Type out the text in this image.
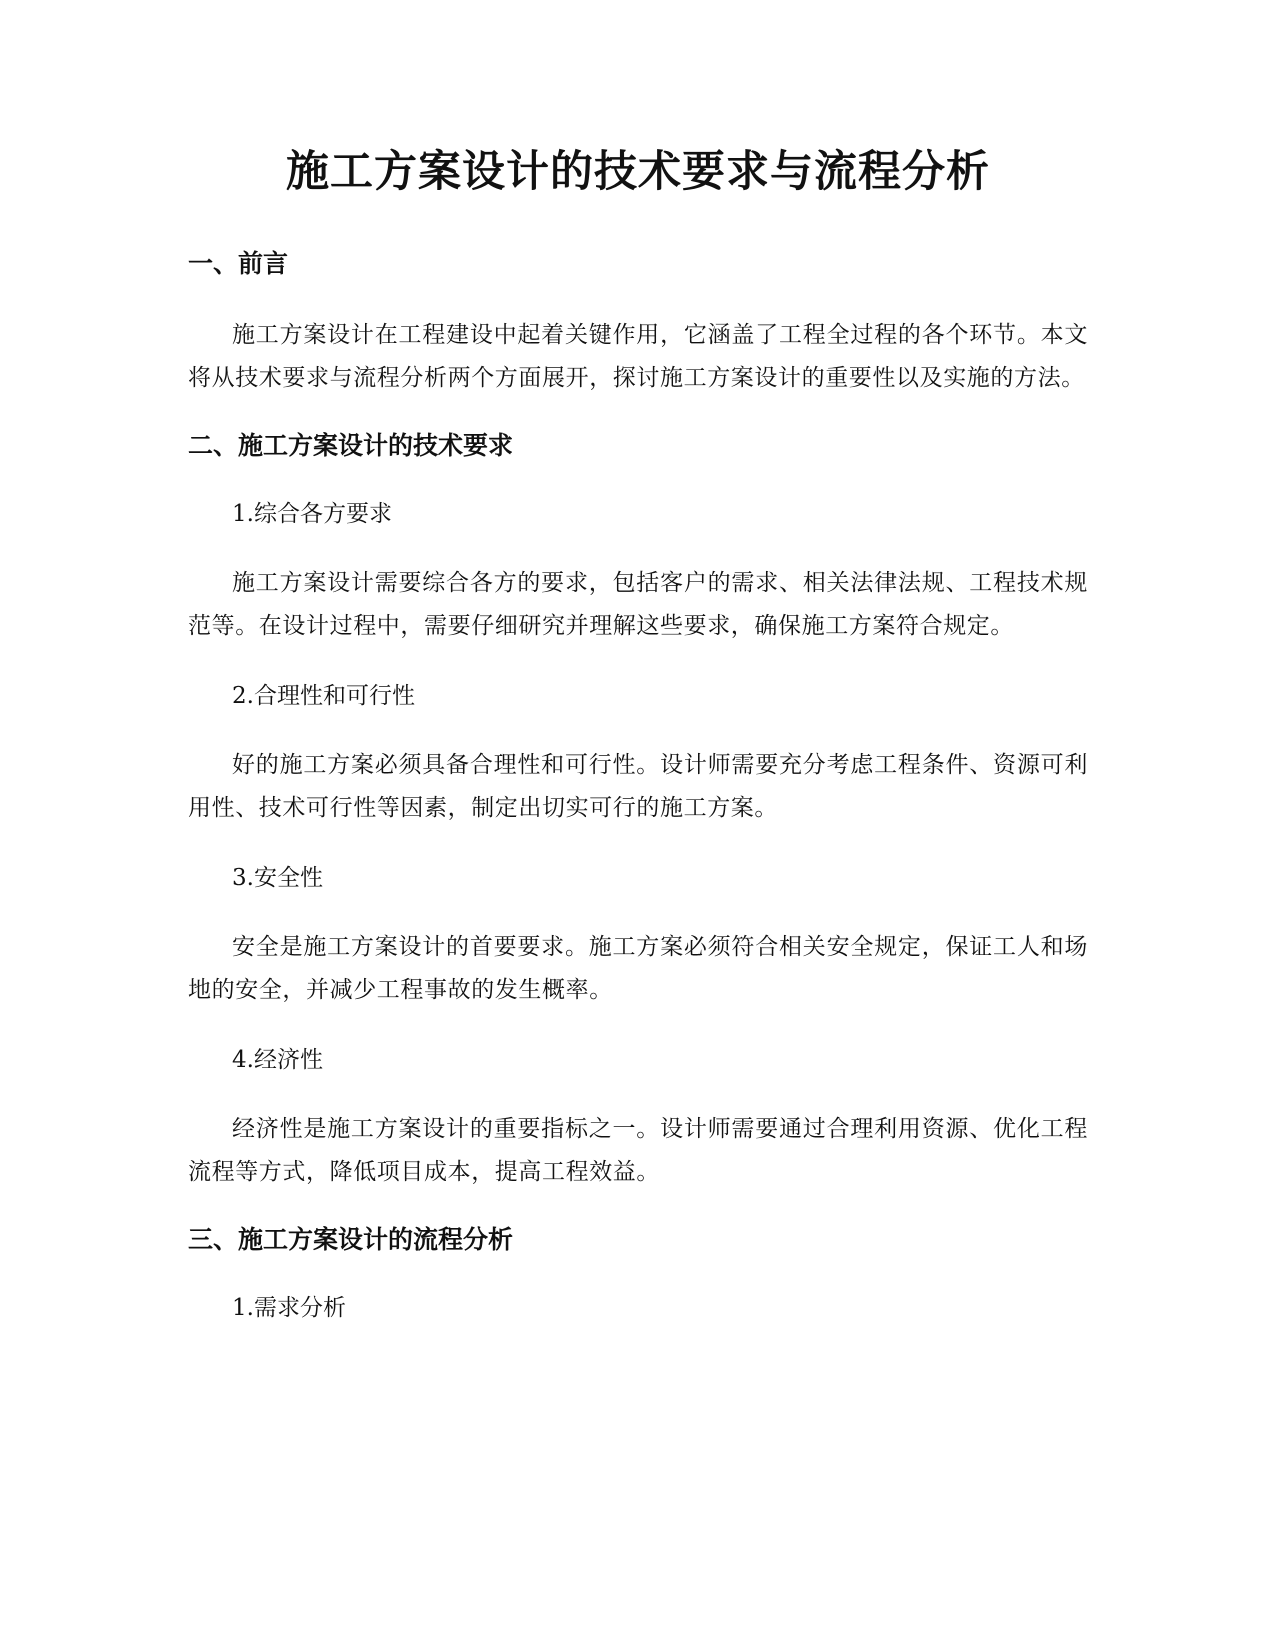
施工方案设计的技术要求与流程分析
一、前言

施工方案设计在工程建设中起着关键作用，它涵盖了工程全过程的各个环节。本文将从技术要求与流程分析两个方面展开，探讨施工方案设计的重要性以及实施的方法。

二、施工方案设计的技术要求
1.综合各方要求

施工方案设计需要综合各方的要求，包括客户的需求、相关法律法规、工程技术规范等。在设计过程中，需要仔细研究并理解这些要求，确保施工方案符合规定。

2.合理性和可行性

好的施工方案必须具备合理性和可行性。设计师需要充分考虑工程条件、资源可利用性、技术可行性等因素，制定出切实可行的施工方案。

3.安全性

安全是施工方案设计的首要要求。施工方案必须符合相关安全规定，保证工人和场地的安全，并减少工程事故的发生概率。

4.经济性

经济性是施工方案设计的重要指标之一。设计师需要通过合理利用资源、优化工程流程等方式，降低项目成本，提高工程效益。

三、施工方案设计的流程分析
1.需求分析
